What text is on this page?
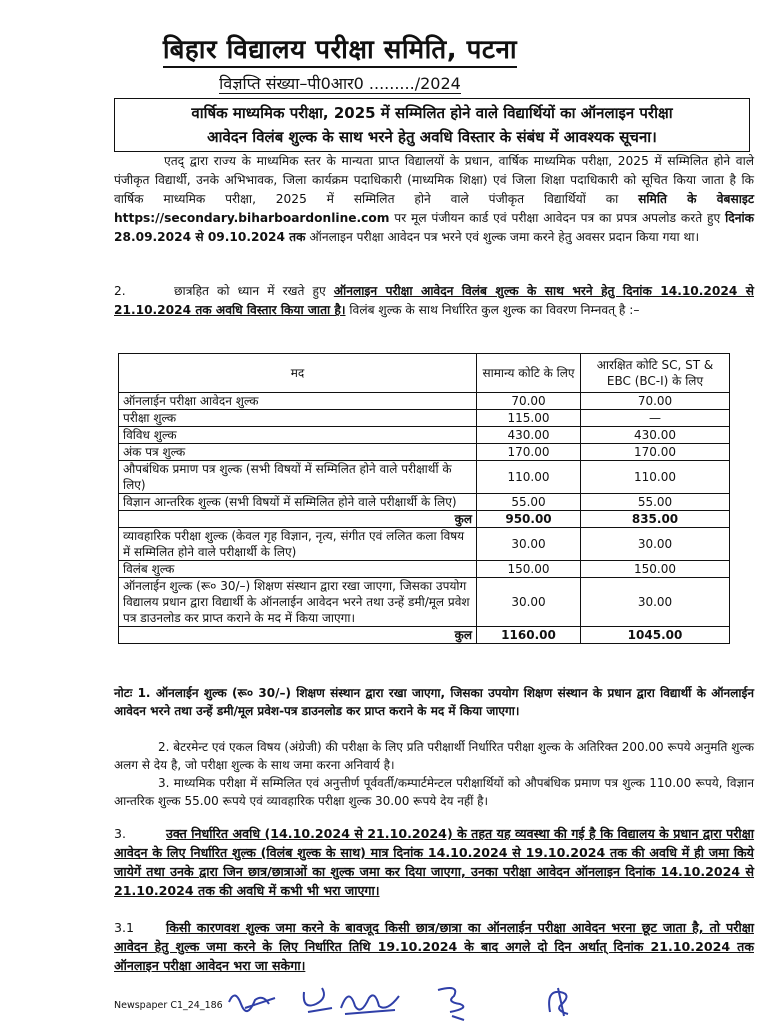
बिहार विद्यालय परीक्षा समिति, पटना
विज्ञप्ति संख्या–पी0आर0 ........./2024
वार्षिक माध्यमिक परीक्षा, 2025 में सम्मिलित होने वाले विद्यार्थियों का ऑनलाइन परीक्षा
आवेदन विलंब शुल्क के साथ भरने हेतु अवधि विस्तार के संबंध में आवश्यक सूचना।

एतद् द्वारा राज्य के माध्यमिक स्तर के मान्यता प्राप्त विद्यालयों के प्रधान, वार्षिक माध्यमिक परीक्षा, 2025 में सम्मिलित होने वाले पंजीकृत विद्यार्थी, उनके अभिभावक, जिला कार्यक्रम पदाधिकारी (माध्यमिक शिक्षा) एवं जिला शिक्षा पदाधिकारी को सूचित किया जाता है कि वार्षिक माध्यमिक परीक्षा, 2025 में सम्मिलित होने वाले पंजीकृत विद्यार्थियों का समिति के वेबसाइट https://secondary.biharboardonline.com पर मूल पंजीयन कार्ड एवं परीक्षा आवेदन पत्र का प्रपत्र अपलोड करते हुए दिनांक 28.09.2024 से 09.10.2024 तक ऑनलाइन परीक्षा आवेदन पत्र भरने एवं शुल्क जमा करने हेतु अवसर प्रदान किया गया था।

2.	छात्रहित को ध्यान में रखते हुए ऑनलाइन परीक्षा आवेदन विलंब शुल्क के साथ भरने हेतु दिनांक 14.10.2024 से 21.10.2024 तक अवधि विस्तार किया जाता है। विलंब शुल्क के साथ निर्धारित कुल शुल्क का विवरण निम्नवत् है :–

मद	सामान्य कोटि के लिए	आरक्षित कोटि SC, ST & EBC (BC-I) के लिए
ऑनलाईन परीक्षा आवेदन शुल्क	70.00	70.00
परीक्षा शुल्क	115.00	—
विविध शुल्क	430.00	430.00
अंक पत्र शुल्क	170.00	170.00
औपबंधिक प्रमाण पत्र शुल्क (सभी विषयों में सम्मिलित होने वाले परीक्षार्थी के लिए)	110.00	110.00
विज्ञान आन्तरिक शुल्क (सभी विषयों में सम्मिलित होने वाले परीक्षार्थी के लिए)	55.00	55.00
कुल	950.00	835.00
व्यावहारिक परीक्षा शुल्क (केवल गृह विज्ञान, नृत्य, संगीत एवं ललित कला विषय में सम्मिलित होने वाले परीक्षार्थी के लिए)	30.00	30.00
विलंब शुल्क	150.00	150.00
ऑनलाईन शुल्क (रू० 30/–) शिक्षण संस्थान द्वारा रखा जाएगा, जिसका उपयोग विद्यालय प्रधान द्वारा विद्यार्थी के ऑनलाईन आवेदन भरने तथा उन्हें डमी/मूल प्रवेश पत्र डाउनलोड कर प्राप्त कराने के मद में किया जाएगा।	30.00	30.00
कुल	1160.00	1045.00

नोटः 1. ऑनलाईन शुल्क (रू० 30/–) शिक्षण संस्थान द्वारा रखा जाएगा, जिसका उपयोग शिक्षण संस्थान के प्रधान द्वारा विद्यार्थी के ऑनलाईन आवेदन भरने तथा उन्हें डमी/मूल प्रवेश-पत्र डाउनलोड कर प्राप्त कराने के मद में किया जाएगा।

2. बेटरमेन्ट एवं एकल विषय (अंग्रेजी) की परीक्षा के लिए प्रति परीक्षार्थी निर्धारित परीक्षा शुल्क के अतिरिक्त 200.00 रूपये अनुमति शुल्क अलग से देय है, जो परीक्षा शुल्क के साथ जमा करना अनिवार्य है।

3. माध्यमिक परीक्षा में सम्मिलित एवं अनुत्तीर्ण पूर्ववर्ती/कम्पार्टमेन्टल परीक्षार्थियों को औपबंधिक प्रमाण पत्र शुल्क 110.00 रूपये, विज्ञान आन्तरिक शुल्क 55.00 रूपये एवं व्यावहारिक परीक्षा शुल्क 30.00 रूपये देय नहीं है।

3.	उक्त निर्धारित अवधि (14.10.2024 से 21.10.2024) के तहत यह व्यवस्था की गई है कि विद्यालय के प्रधान द्वारा परीक्षा आवेदन के लिए निर्धारित शुल्क (विलंब शुल्क के साथ) मात्र दिनांक 14.10.2024 से 19.10.2024 तक की अवधि में ही जमा किये जायेगें तथा उनके द्वारा जिन छात्र/छात्राओं का शुल्क जमा कर दिया जाएगा, उनका परीक्षा आवेदन ऑनलाइन दिनांक 14.10.2024 से 21.10.2024 तक की अवधि में कभी भी भरा जाएगा।

3.1	किसी कारणवश शुल्क जमा करने के बावजूद किसी छात्र/छात्रा का ऑनलाईन परीक्षा आवेदन भरना छूट जाता है, तो परीक्षा आवेदन हेतु शुल्क जमा करने के लिए निर्धारित तिथि 19.10.2024 के बाद अगले दो दिन अर्थात् दिनांक 21.10.2024 तक ऑनलाइन परीक्षा आवेदन भरा जा सकेगा।

Newspaper C1_24_186
